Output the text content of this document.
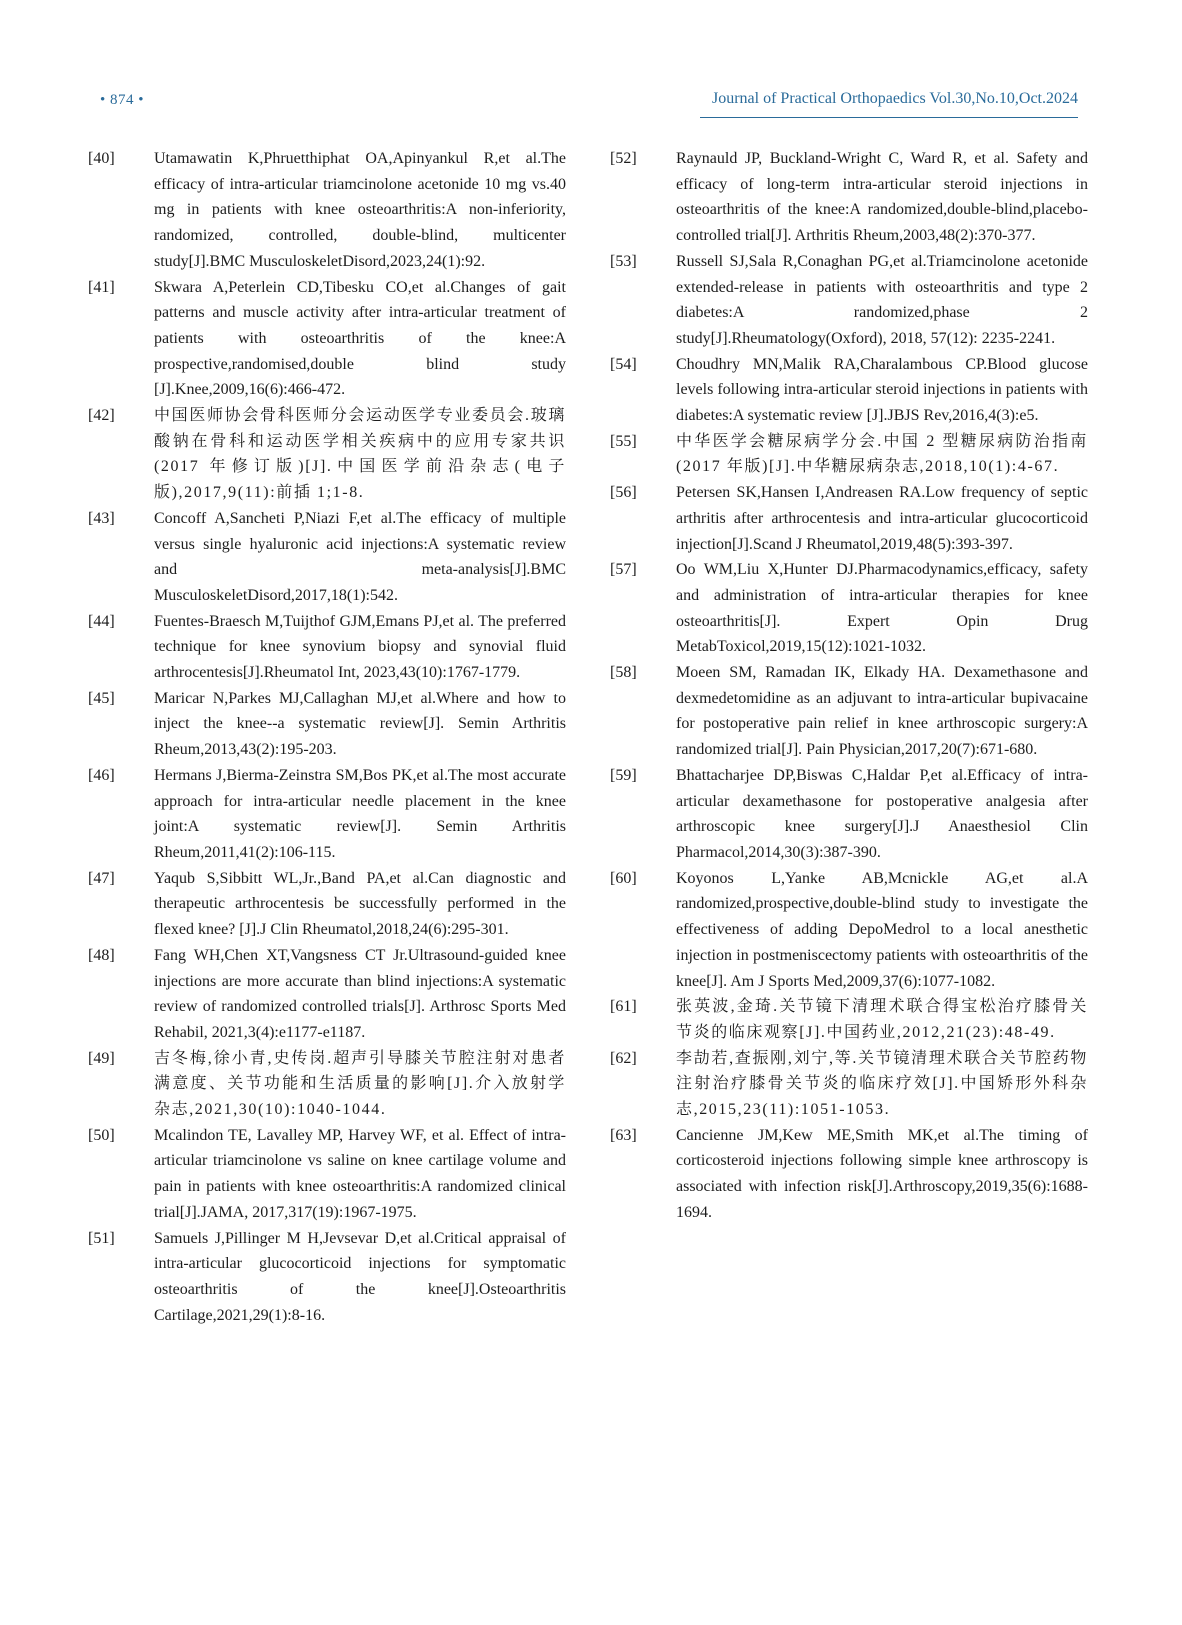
• 874 •	Journal of Practical Orthopaedics Vol.30,No.10,Oct.2024

[40] Utamawatin K,Phruetthiphat OA,Apinyankul R,et al.The efficacy of intra-articular triamcinolone acetonide 10 mg vs.40 mg in patients with knee osteoarthritis:A non-inferiority, randomized, controlled, double-blind, multicenter study[J].BMC MusculoskeletDisord,2023,24(1):92.

[41] Skwara A,Peterlein CD,Tibesku CO,et al.Changes of gait patterns and muscle activity after intra-articular treatment of patients with osteoarthritis of the knee:A prospective,randomised,double blind study [J].Knee,2009,16(6):466-472.

[42] 中国医师协会骨科医师分会运动医学专业委员会.玻璃酸钠在骨科和运动医学相关疾病中的应用专家共识(2017 年修订版)[J].中国医学前沿杂志(电子版),2017,9(11):前插 1;1-8.

[43] Concoff A,Sancheti P,Niazi F,et al.The efficacy of multiple versus single hyaluronic acid injections:A systematic review and meta-analysis[J].BMC MusculoskeletDisord,2017,18(1):542.

[44] Fuentes-Braesch M,Tuijthof GJM,Emans PJ,et al. The preferred technique for knee synovium biopsy and synovial fluid arthrocentesis[J].Rheumatol Int, 2023,43(10):1767-1779.

[45] Maricar N,Parkes MJ,Callaghan MJ,et al.Where and how to inject the knee--a systematic review[J]. Semin Arthritis Rheum,2013,43(2):195-203.

[46] Hermans J,Bierma-Zeinstra SM,Bos PK,et al.The most accurate approach for intra-articular needle placement in the knee joint:A systematic review[J]. Semin Arthritis Rheum,2011,41(2):106-115.

[47] Yaqub S,Sibbitt WL,Jr.,Band PA,et al.Can diagnostic and therapeutic arthrocentesis be successfully performed in the flexed knee? [J].J Clin Rheumatol,2018,24(6):295-301.

[48] Fang WH,Chen XT,Vangsness CT Jr.Ultrasound-guided knee injections are more accurate than blind injections:A systematic review of randomized controlled trials[J]. Arthrosc Sports Med Rehabil, 2021,3(4):e1177-e1187.

[49] 吉冬梅,徐小青,史传岗.超声引导膝关节腔注射对患者满意度、关节功能和生活质量的影响[J].介入放射学杂志,2021,30(10):1040-1044.

[50] Mcalindon TE, Lavalley MP, Harvey WF, et al. Effect of intra-articular triamcinolone vs saline on knee cartilage volume and pain in patients with knee osteoarthritis:A randomized clinical trial[J].JAMA, 2017,317(19):1967-1975.

[51] Samuels J,Pillinger M H,Jevsevar D,et al.Critical appraisal of intra-articular glucocorticoid injections for symptomatic osteoarthritis of the knee[J].Osteoarthritis Cartilage,2021,29(1):8-16.

[52] Raynauld JP, Buckland-Wright C, Ward R, et al. Safety and efficacy of long-term intra-articular steroid injections in osteoarthritis of the knee:A randomized,double-blind,placebo-controlled trial[J]. Arthritis Rheum,2003,48(2):370-377.

[53] Russell SJ,Sala R,Conaghan PG,et al.Triamcinolone acetonide extended-release in patients with osteoarthritis and type 2 diabetes:A randomized,phase 2 study[J].Rheumatology(Oxford), 2018, 57(12): 2235-2241.

[54] Choudhry MN,Malik RA,Charalambous CP.Blood glucose levels following intra-articular steroid injections in patients with diabetes:A systematic review [J].JBJS Rev,2016,4(3):e5.

[55] 中华医学会糖尿病学分会.中国 2 型糖尿病防治指南(2017 年版)[J].中华糖尿病杂志,2018,10(1):4-67.

[56] Petersen SK,Hansen I,Andreasen RA.Low frequency of septic arthritis after arthrocentesis and intra-articular glucocorticoid injection[J].Scand J Rheumatol,2019,48(5):393-397.

[57] Oo WM,Liu X,Hunter DJ.Pharmacodynamics,efficacy, safety and administration of intra-articular therapies for knee osteoarthritis[J]. Expert Opin Drug MetabToxicol,2019,15(12):1021-1032.

[58] Moeen SM, Ramadan IK, Elkady HA. Dexamethasone and dexmedetomidine as an adjuvant to intra-articular bupivacaine for postoperative pain relief in knee arthroscopic surgery:A randomized trial[J]. Pain Physician,2017,20(7):671-680.

[59] Bhattacharjee DP,Biswas C,Haldar P,et al.Efficacy of intra-articular dexamethasone for postoperative analgesia after arthroscopic knee surgery[J].J Anaesthesiol Clin Pharmacol,2014,30(3):387-390.

[60] Koyonos L,Yanke AB,Mcnickle AG,et al.A randomized,prospective,double-blind study to investigate the effectiveness of adding DepoMedrol to a local anesthetic injection in postmeniscectomy patients with osteoarthritis of the knee[J]. Am J Sports Med,2009,37(6):1077-1082.

[61] 张英波,金琦.关节镜下清理术联合得宝松治疗膝骨关节炎的临床观察[J].中国药业,2012,21(23):48-49.

[62] 李劼若,查振刚,刘宁,等.关节镜清理术联合关节腔药物注射治疗膝骨关节炎的临床疗效[J].中国矫形外科杂志,2015,23(11):1051-1053.

[63] Cancienne JM,Kew ME,Smith MK,et al.The timing of corticosteroid injections following simple knee arthroscopy is associated with infection risk[J].Arthroscopy,2019,35(6):1688-1694.
